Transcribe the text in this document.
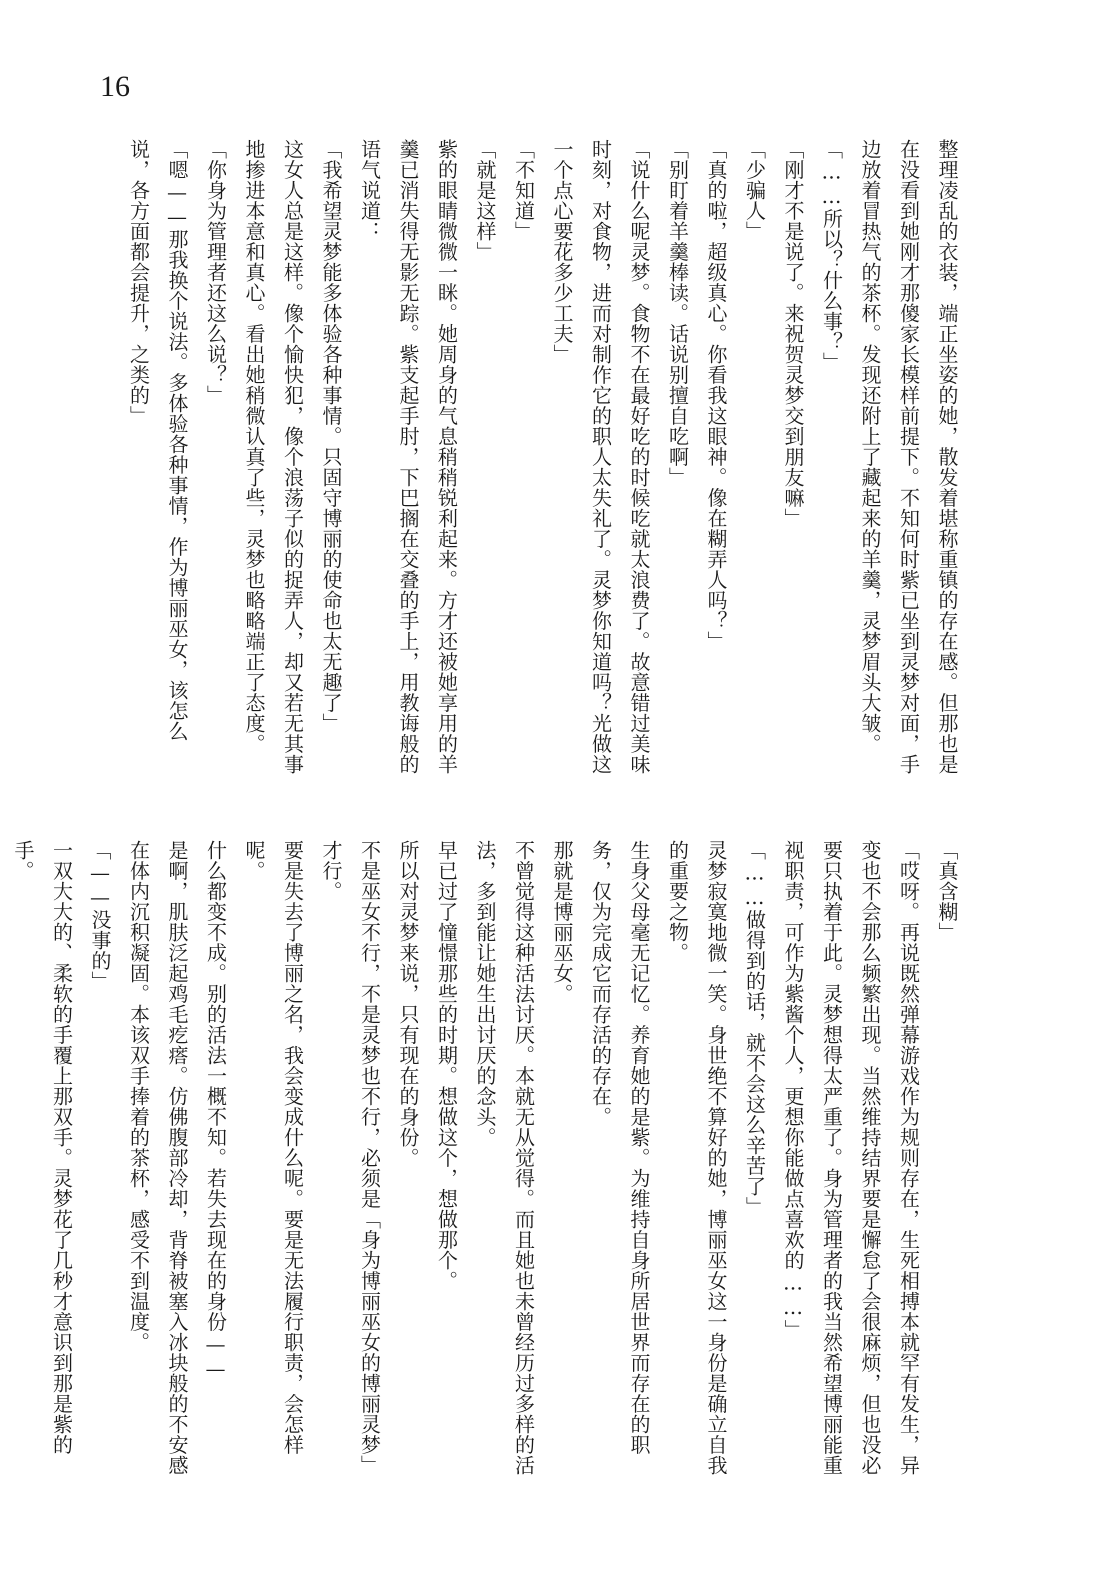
16

整理凌乱的衣装，端正坐姿的她，散发着堪称重镇的存在感。但那也是在没看到她刚才那傻家长模样前提下。不知何时紫已坐到灵梦对面，手边放着冒热气的茶杯。发现还附上了藏起来的羊羹，灵梦眉头大皱。

「……所以？什么事？」

「刚才不是说了。来祝贺灵梦交到朋友嘛」

「少骗人」

「真的啦，超级真心。你看我这眼神。像在糊弄人吗？」

「别盯着羊羹棒读。话说别擅自吃啊」

「说什么呢灵梦。食物不在最好吃的时候吃就太浪费了。故意错过美味时刻，对食物，进而对制作它的职人太失礼了。灵梦你知道吗？光做这一个点心要花多少工夫」

「不知道」

「就是这样」

紫的眼睛微微一眯。她周身的气息稍稍锐利起来。方才还被她享用的羊羹已消失得无影无踪。紫支起手肘，下巴搁在交叠的手上，用教诲般的语气说道：

「我希望灵梦能多体验各种事情。只固守博丽的使命也太无趣了」

这女人总是这样。像个愉快犯，像个浪荡子似的捉弄人，却又若无其事地掺进本意和真心。看出她稍微认真了些，灵梦也略略端正了态度。

「你身为管理者还这么说？」

「嗯——那我换个说法。多体验各种事情，作为博丽巫女，该怎么说，各方面都会提升，之类的」

「真含糊」

「哎呀。再说既然弹幕游戏作为规则存在，生死相搏本就罕有发生，异变也不会那么频繁出现。当然维持结界要是懈怠了会很麻烦，但也没必要只执着于此。灵梦想得太严重了。身为管理者的我当然希望博丽能重视职责，可作为紫酱个人，更想你能做点喜欢的……」

「……做得到的话，就不会这么辛苦了」

灵梦寂寞地微一笑。身世绝不算好的她，博丽巫女这一身份是确立自我的重要之物。

生身父母毫无记忆。养育她的是紫。为维持自身所居世界而存在的职务，仅为完成它而存活的存在。

那就是博丽巫女。

不曾觉得这种活法讨厌。本就无从觉得。而且她也未曾经历过多样的活法，多到能让她生出讨厌的念头。

早已过了憧憬那些的时期。想做这个，想做那个。

所以对灵梦来说，只有现在的身份。

不是巫女不行，不是灵梦也不行，必须是「身为博丽巫女的博丽灵梦」才行。

要是失去了博丽之名，我会变成什么呢。要是无法履行职责，会怎样呢。

什么都变不成。别的活法一概不知。若失去现在的身份——

是啊，肌肤泛起鸡毛疙瘩。仿佛腹部冷却，背脊被塞入冰块般的不安感在体内沉积凝固。本该双手捧着的茶杯，感受不到温度。

「——没事的」

一双大大的、柔软的手覆上那双手。灵梦花了几秒才意识到那是紫的手。
